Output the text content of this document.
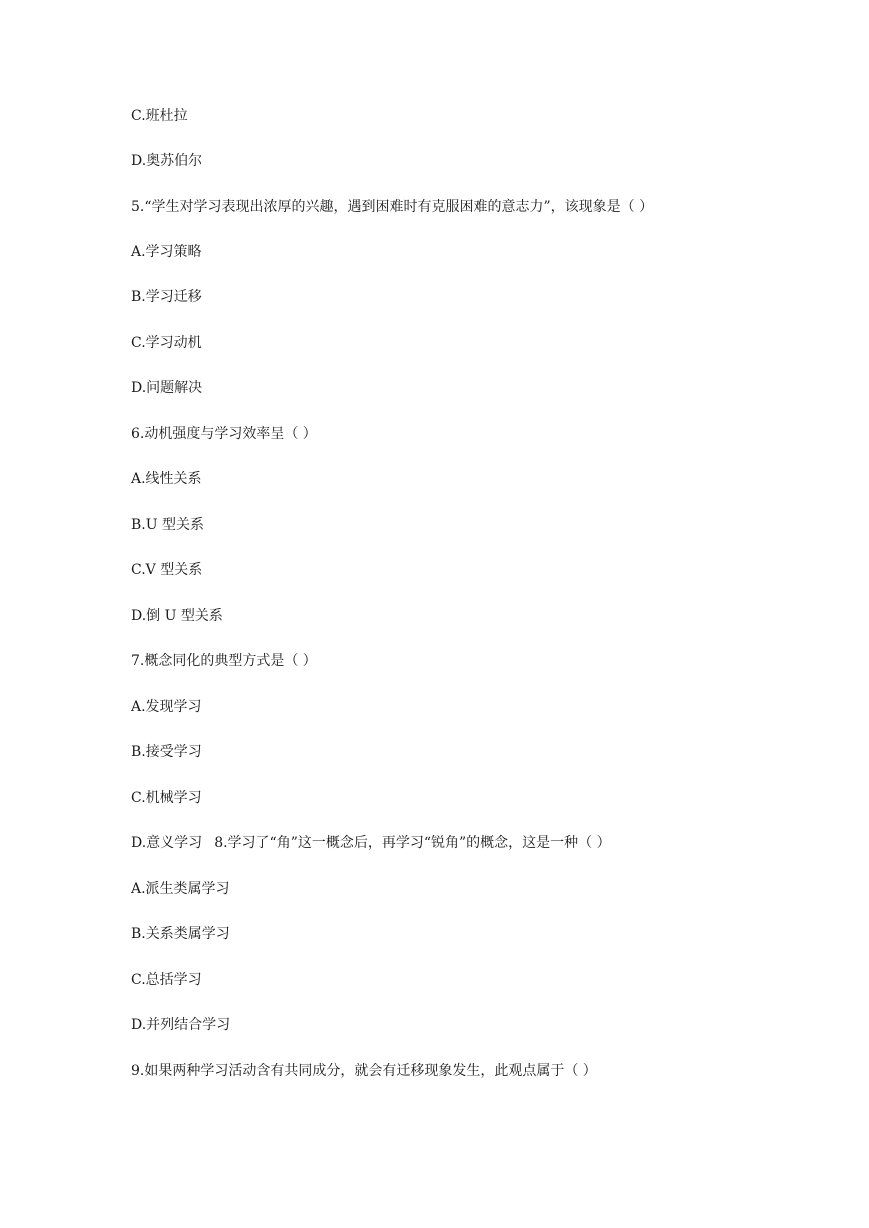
C.班杜拉

D.奥苏伯尔

5.“学生对学习表现出浓厚的兴趣，遇到困难时有克服困难的意志力”，该现象是（ ）

A.学习策略

B.学习迁移

C.学习动机

D.问题解决

6.动机强度与学习效率呈（ ）

A.线性关系

B.U 型关系

C.V 型关系

D.倒 U 型关系

7.概念同化的典型方式是（ ）

A.发现学习

B.接受学习

C.机械学习

D.意义学习 8.学习了“角”这一概念后，再学习“锐角”的概念，这是一种（ ）

A.派生类属学习

B.关系类属学习

C.总括学习

D.并列结合学习

9.如果两种学习活动含有共同成分，就会有迁移现象发生，此观点属于（ ）
